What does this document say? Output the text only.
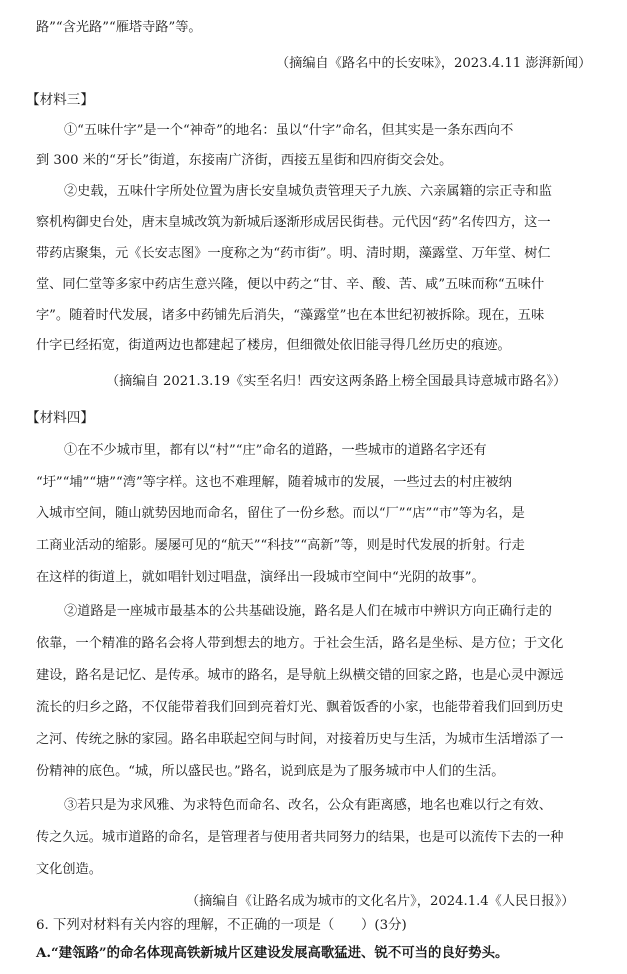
路”“含光路”“雁塔寺路”等。
（摘编自《路名中的长安味》，2023.4.11 澎湃新闻）
【材料三】
①“五味什字”是一个“神奇”的地名：虽以“什字”命名，但其实是一条东西向不
到 300 米的“牙长”街道，东接南广济街，西接五星街和四府街交会处。
②史载，五味什字所处位置为唐长安皇城负责管理天子九族、六亲属籍的宗正寺和监
察机构御史台处，唐末皇城改筑为新城后逐渐形成居民街巷。元代因“药”名传四方，这一
带药店聚集，元《长安志图》一度称之为“药市街”。明、清时期，藻露堂、万年堂、树仁
堂、同仁堂等多家中药店生意兴隆，便以中药之“甘、辛、酸、苦、咸”五味而称“五味什
字”。随着时代发展，诸多中药铺先后消失，“藻露堂”也在本世纪初被拆除。现在，五味
什字已经拓宽，街道两边也都建起了楼房，但细微处依旧能寻得几丝历史的痕迹。
（摘编自 2021.3.19《实至名归！西安这两条路上榜全国最具诗意城市路名》）
【材料四】
①在不少城市里，都有以“村”“庄”命名的道路，一些城市的道路名字还有
“圩”“埔”“塘”“湾”等字样。这也不难理解，随着城市的发展，一些过去的村庄被纳
入城市空间，随山就势因地而命名，留住了一份乡愁。而以“厂”“店”“市”等为名，是
工商业活动的缩影。屡屡可见的“航天”“科技”“高新”等，则是时代发展的折射。行走
在这样的街道上，就如唱针划过唱盘，演绎出一段城市空间中“光阴的故事”。
②道路是一座城市最基本的公共基础设施，路名是人们在城市中辨识方向正确行走的
依靠，一个精准的路名会将人带到想去的地方。于社会生活，路名是坐标、是方位；于文化
建设，路名是记忆、是传承。城市的路名，是导航上纵横交错的回家之路，也是心灵中源远
流长的归乡之路，不仅能带着我们回到亮着灯光、飘着饭香的小家，也能带着我们回到历史
之河、传统之脉的家园。路名串联起空间与时间，对接着历史与生活，为城市生活增添了一
份精神的底色。“城，所以盛民也。”路名，说到底是为了服务城市中人们的生活。
③若只是为求风雅、为求特色而命名、改名，公众有距离感，地名也难以行之有效、
传之久远。城市道路的命名，是管理者与使用者共同努力的结果，也是可以流传下去的一种
文化创造。
（摘编自《让路名成为城市的文化名片》，2024.1.4《人民日报》）
6. 下列对材料有关内容的理解，不正确的一项是（　　）(3分)
A.“建瓴路”的命名体现高铁新城片区建设发展高歌猛进、锐不可当的良好势头。
